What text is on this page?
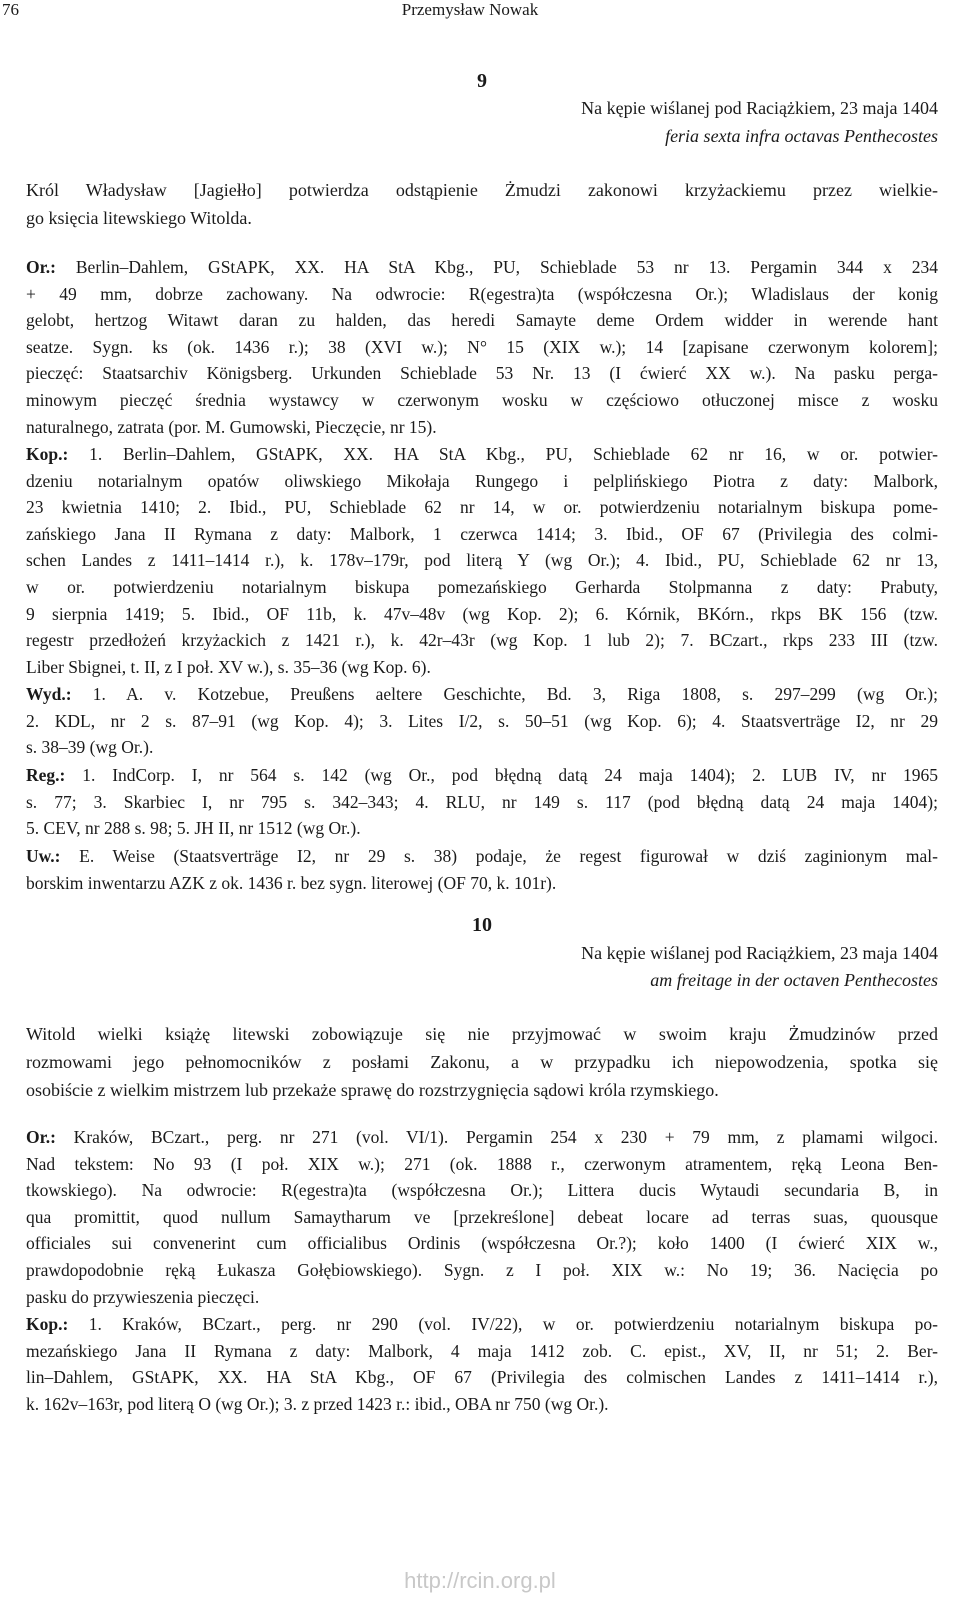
76	Przemysław Nowak
9
Na kępie wiślanej pod Raciążkiem, 23 maja 1404
feria sexta infra octavas Penthecostes
Król Władysław [Jagiełło] potwierdza odstąpienie Żmudzi zakonowi krzyżackiemu przez wielkie-
go księcia litewskiego Witolda.
Or.: Berlin–Dahlem, GStAPK, XX. HA StA Kbg., PU, Schieblade 53 nr 13. Pergamin 344 x 234
+ 49 mm, dobrze zachowany. Na odwrocie: R(egestra)ta (współczesna Or.); Wladislaus der konig
gelobt, hertzog Witawt daran zu halden, das heredi Samayte deme Ordem widder in werende hant
seatze. Sygn. ks (ok. 1436 r.); 38 (XVI w.); N° 15 (XIX w.); 14 [zapisane czerwonym kolorem];
pieczęć: Staatsarchiv Königsberg. Urkunden Schieblade 53 Nr. 13 (I ćwierć XX w.). Na pasku perga-
minowym pieczęć średnia wystawcy w czerwonym wosku w częściowo otłuczonej misce z wosku
naturalnego, zatrata (por. M. Gumowski, Pieczęcie, nr 15).
Kop.: 1. Berlin–Dahlem, GStAPK, XX. HA StA Kbg., PU, Schieblade 62 nr 16, w or. potwier-
dzeniu notarialnym opatów oliwskiego Mikołaja Rungego i pelplińskiego Piotra z daty: Malbork,
23 kwietnia 1410; 2. Ibid., PU, Schieblade 62 nr 14, w or. potwierdzeniu notarialnym biskupa pome-
zańskiego Jana II Rymana z daty: Malbork, 1 czerwca 1414; 3. Ibid., OF 67 (Privilegia des colmi-
schen Landes z 1411–1414 r.), k. 178v–179r, pod literą Y (wg Or.); 4. Ibid., PU, Schieblade 62 nr 13,
w or. potwierdzeniu notarialnym biskupa pomezańskiego Gerharda Stolpmanna z daty: Prabuty,
9 sierpnia 1419; 5. Ibid., OF 11b, k. 47v–48v (wg Kop. 2); 6. Kórnik, BKórn., rkps BK 156 (tzw.
regestr przedłożeń krzyżackich z 1421 r.), k. 42r–43r (wg Kop. 1 lub 2); 7. BCzart., rkps 233 III (tzw.
Liber Sbignei, t. II, z I poł. XV w.), s. 35–36 (wg Kop. 6).
Wyd.: 1. A. v. Kotzebue, Preußens aeltere Geschichte, Bd. 3, Riga 1808, s. 297–299 (wg Or.);
2. KDL, nr 2 s. 87–91 (wg Kop. 4); 3. Lites I/2, s. 50–51 (wg Kop. 6); 4. Staatsverträge I2, nr 29
s. 38–39 (wg Or.).
Reg.: 1. IndCorp. I, nr 564 s. 142 (wg Or., pod błędną datą 24 maja 1404); 2. LUB IV, nr 1965
s. 77; 3. Skarbiec I, nr 795 s. 342–343; 4. RLU, nr 149 s. 117 (pod błędną datą 24 maja 1404);
5. CEV, nr 288 s. 98; 5. JH II, nr 1512 (wg Or.).
Uw.: E. Weise (Staatsverträge I2, nr 29 s. 38) podaje, że regest figurował w dziś zaginionym mal-
borskim inwentarzu AZK z ok. 1436 r. bez sygn. literowej (OF 70, k. 101r).
10
Na kępie wiślanej pod Raciążkiem, 23 maja 1404
am freitage in der octaven Penthecostes
Witold wielki książę litewski zobowiązuje się nie przyjmować w swoim kraju Żmudzinów przed
rozmowami jego pełnomocników z posłami Zakonu, a w przypadku ich niepowodzenia, spotka się
osobiście z wielkim mistrzem lub przekaże sprawę do rozstrzygnięcia sądowi króla rzymskiego.
Or.: Kraków, BCzart., perg. nr 271 (vol. VI/1). Pergamin 254 x 230 + 79 mm, z plamami wilgoci.
Nad tekstem: No 93 (I poł. XIX w.); 271 (ok. 1888 r., czerwonym atramentem, ręką Leona Ben-
tkowskiego). Na odwrocie: R(egestra)ta (współczesna Or.); Littera ducis Wytaudi secundaria B, in
qua promittit, quod nullum Samaytharum ve [przekreślone] debeat locare ad terras suas, quousque
officiales sui convenerint cum officialibus Ordinis (współczesna Or.?); koło 1400 (I ćwierć XIX w.,
prawdopodobnie ręką Łukasza Gołębiowskiego). Sygn. z I poł. XIX w.: No 19; 36. Nacięcia po
pasku do przywieszenia pieczęci.
Kop.: 1. Kraków, BCzart., perg. nr 290 (vol. IV/22), w or. potwierdzeniu notarialnym biskupa po-
mezańskiego Jana II Rymana z daty: Malbork, 4 maja 1412 zob. C. epist., XV, II, nr 51; 2. Ber-
lin–Dahlem, GStAPK, XX. HA StA Kbg., OF 67 (Privilegia des colmischen Landes z 1411–1414 r.),
k. 162v–163r, pod literą O (wg Or.); 3. z przed 1423 r.: ibid., OBA nr 750 (wg Or.).
http://rcin.org.pl
